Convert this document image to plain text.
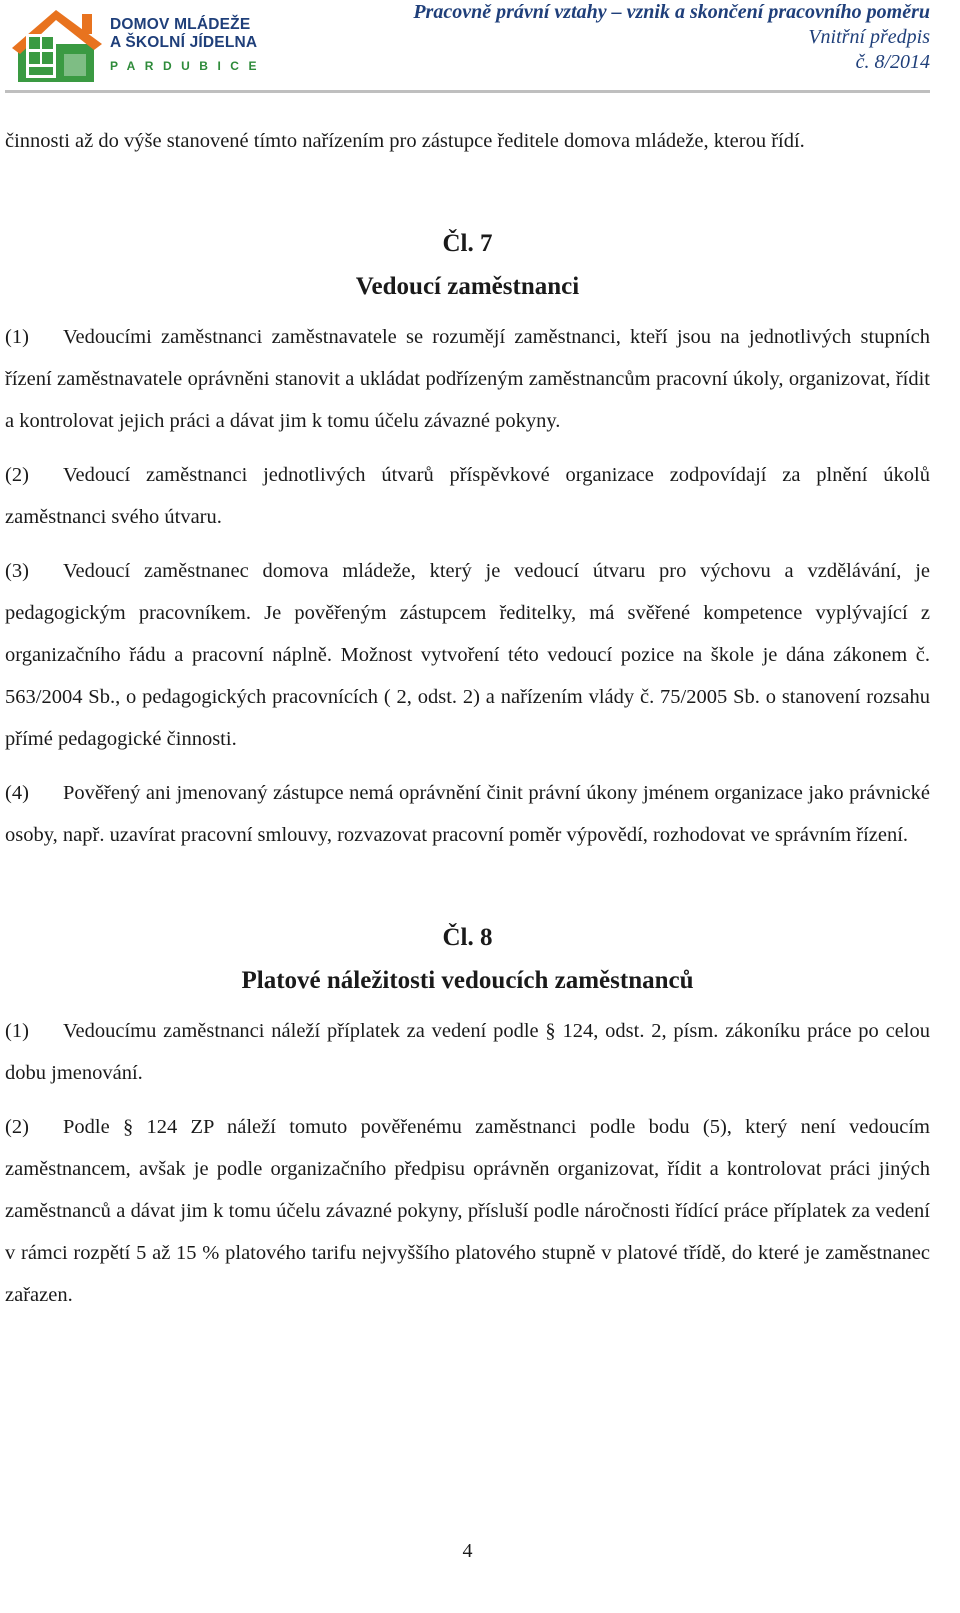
DOMOV MLÁDEŽE
A ŠKOLNÍ JÍDELNA
PARDUBICE
Pracovně právní vztahy – vznik a skončení pracovního poměru
Vnitřní předpis
č. 8/2014

činnosti až do výše stanovené tímto nařízením pro zástupce ředitele domova mládeže, kterou řídí.

Čl. 7
Vedoucí zaměstnanci

(1) Vedoucími zaměstnanci zaměstnavatele se rozumějí zaměstnanci, kteří jsou na jednotlivých stupních řízení zaměstnavatele oprávněni stanovit a ukládat podřízeným zaměstnancům pracovní úkoly, organizovat, řídit a kontrolovat jejich práci a dávat jim k tomu účelu závazné pokyny.

(2) Vedoucí zaměstnanci jednotlivých útvarů příspěvkové organizace zodpovídají za plnění úkolů zaměstnanci svého útvaru.

(3) Vedoucí zaměstnanec domova mládeže, který je vedoucí útvaru pro výchovu a vzdělávání, je pedagogickým pracovníkem. Je pověřeným zástupcem ředitelky, má svěřené kompetence vyplývající z organizačního řádu a pracovní náplně. Možnost vytvoření této vedoucí pozice na škole je dána zákonem č. 563/2004 Sb., o pedagogických pracovnících ( 2, odst. 2) a nařízením vlády č. 75/2005 Sb. o stanovení rozsahu přímé pedagogické činnosti.

(4) Pověřený ani jmenovaný zástupce nemá oprávnění činit právní úkony jménem organizace jako právnické osoby, např. uzavírat pracovní smlouvy, rozvazovat pracovní poměr výpovědí, rozhodovat ve správním řízení.

Čl. 8
Platové náležitosti vedoucích zaměstnanců

(1) Vedoucímu zaměstnanci náleží příplatek za vedení podle § 124, odst. 2, písm. zákoníku práce po celou dobu jmenování.

(2) Podle § 124 ZP náleží tomuto pověřenému zaměstnanci podle bodu (5), který není vedoucím zaměstnancem, avšak je podle organizačního předpisu oprávněn organizovat, řídit a kontrolovat práci jiných zaměstnanců a dávat jim k tomu účelu závazné pokyny, přísluší podle náročnosti řídící práce příplatek za vedení v rámci rozpětí 5 až 15 % platového tarifu nejvyššího platového stupně v platové třídě, do které je zaměstnanec zařazen.

4
